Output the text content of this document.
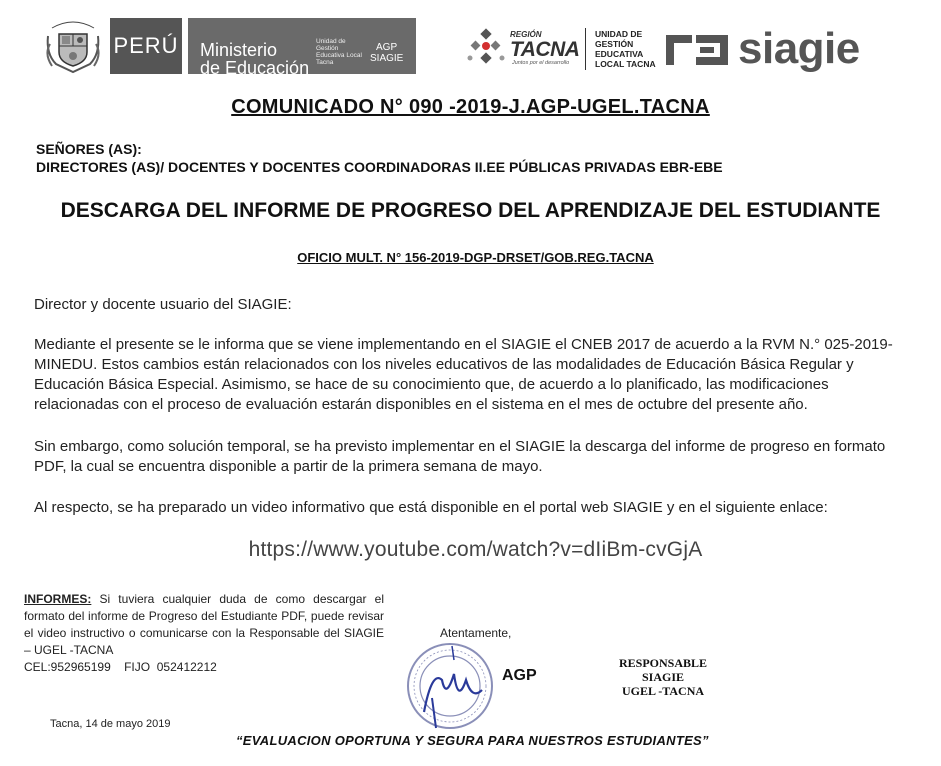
PERÚ Ministerio
de Educación
Unidad de
Gestión
Educativa Local
Tacna
AGP
SIAGIE
REGIÓN
TACNA
Juntos por el desarrollo
UNIDAD DE
GESTIÓN
EDUCATIVA
LOCAL TACNA siagie
COMUNICADO N° 090 -2019-J.AGP-UGEL.TACNA
SEÑORES (AS):
DIRECTORES (AS)/ DOCENTES Y DOCENTES COORDINADORAS II.EE PÚBLICAS PRIVADAS EBR-EBE
DESCARGA DEL INFORME DE PROGRESO DEL APRENDIZAJE DEL ESTUDIANTE
OFICIO MULT. N° 156-2019-DGP-DRSET/GOB.REG.TACNA
Director y docente usuario del SIAGIE:
Mediante el presente se le informa que se viene implementando en el SIAGIE el CNEB 2017 de acuerdo a la RVM N.° 025-2019-MINEDU. Estos cambios están relacionados con los niveles educativos de las modalidades de Educación Básica Regular y Educación Básica Especial. Asimismo, se hace de su conocimiento que, de acuerdo a lo planificado, las modificaciones relacionadas con el proceso de evaluación estarán disponibles en el sistema en el mes de octubre del presente año.
Sin embargo, como solución temporal, se ha previsto implementar en el SIAGIE la descarga del informe de progreso en formato PDF, la cual se encuentra disponible a partir de la primera semana de mayo.
Al respecto, se ha preparado un video informativo que está disponible en el portal web SIAGIE y en el siguiente enlace:
https://www.youtube.com/watch?v=dIiBm-cvGjA
INFORMES: Si tuviera cualquier duda de como descargar el formato del informe de Progreso del Estudiante PDF, puede revisar el video instructivo o comunicarse con la Responsable del SIAGIE – UGEL -TACNA
CEL:952965199    FIJO  052412212
Tacna, 14 de mayo 2019
Atentamente,
AGP
RESPONSABLE
SIAGIE
UGEL -TACNA
“EVALUACION OPORTUNA Y SEGURA PARA NUESTROS ESTUDIANTES”
